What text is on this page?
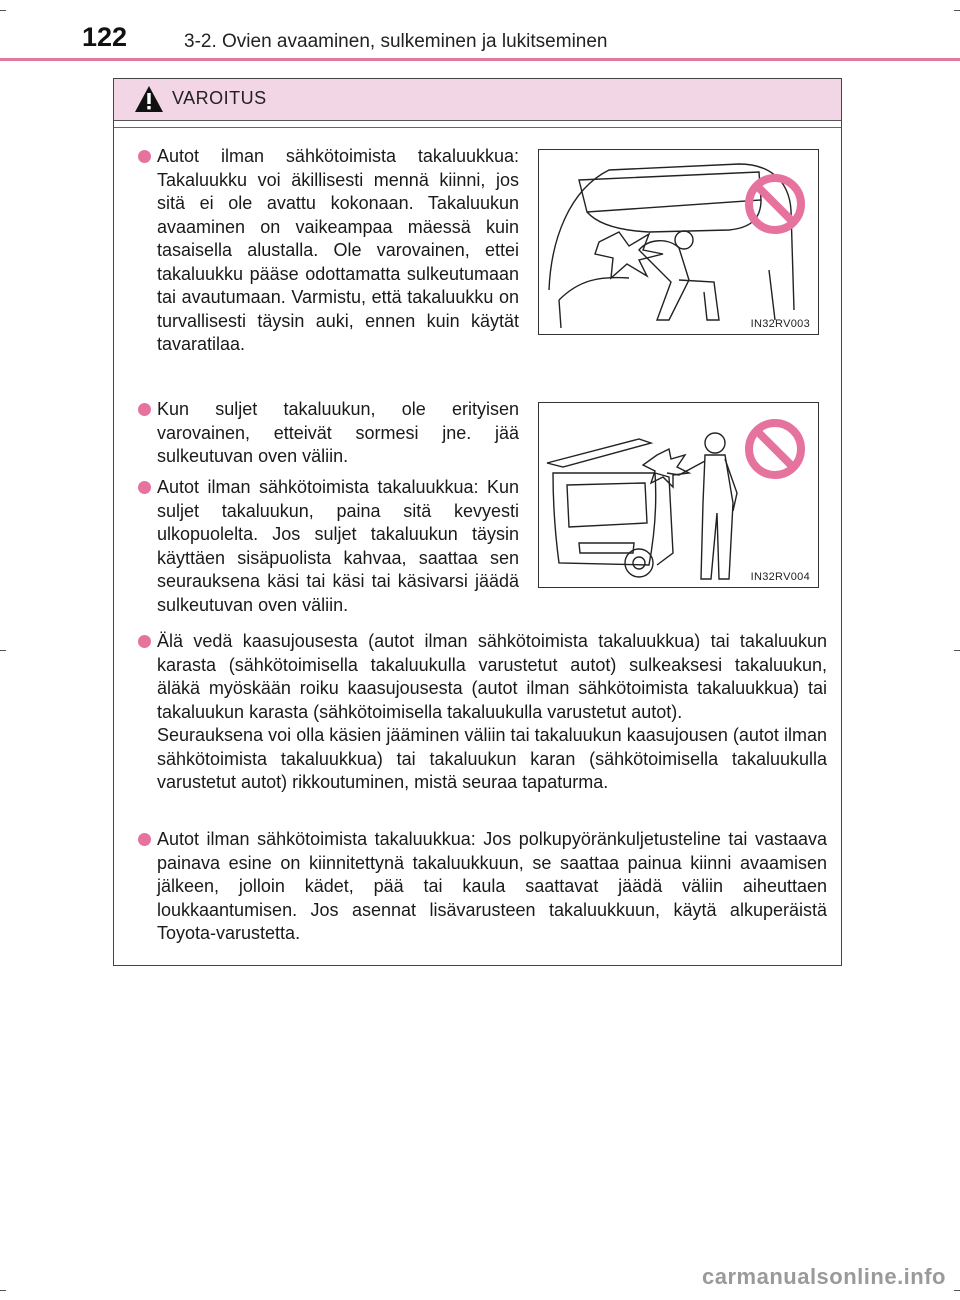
122	3-2. Ovien avaaminen, sulkeminen ja lukitseminen
VAROITUS
Autot ilman sähkötoimista takaluukkua: Takaluukku voi äkillisesti mennä kiinni, jos sitä ei ole avattu kokonaan. Takaluukun avaaminen on vaikeampaa mäessä kuin tasaisella alustalla. Ole varovainen, ettei takaluukku pääse odottamatta sulkeutumaan tai avautumaan. Varmistu, että takaluukku on turvallisesti täysin auki, ennen kuin käytät tavaratilaa.
IN32RV003
Kun suljet takaluukun, ole erityisen varovainen, etteivät sormesi jne. jää sulkeutuvan oven väliin.
Autot ilman sähkötoimista takaluukkua: Kun suljet takaluukun, paina sitä kevyesti ulkopuolelta. Jos suljet takaluukun täysin käyttäen sisäpuolista kahvaa, saattaa sen seurauksena käsi tai käsi tai käsivarsi jäädä sulkeutuvan oven väliin.
IN32RV004
Älä vedä kaasujousesta (autot ilman sähkötoimista takaluukkua) tai takaluukun karasta (sähkötoimisella takaluukulla varustetut autot) sulkeaksesi takaluukun, äläkä myöskään roiku kaasujousesta (autot ilman sähkötoimista takaluukkua) tai takaluukun karasta (sähkötoimisella takaluukulla varustetut autot).
Seurauksena voi olla käsien jääminen väliin tai takaluukun kaasujousen (autot ilman sähkötoimista takaluukkua) tai takaluukun karan (sähkötoimisella takaluukulla varustetut autot) rikkoutuminen, mistä seuraa tapaturma.
Autot ilman sähkötoimista takaluukkua: Jos polkupyöränkuljetusteline tai vastaava painava esine on kiinnitettynä takaluukkuun, se saattaa painua kiinni avaamisen jälkeen, jolloin kädet, pää tai kaula saattavat jäädä väliin aiheuttaen loukkaantumisen. Jos asennat lisävarusteen takaluukkuun, käytä alkuperäistä Toyota-varustetta.
carmanualsonline.info
